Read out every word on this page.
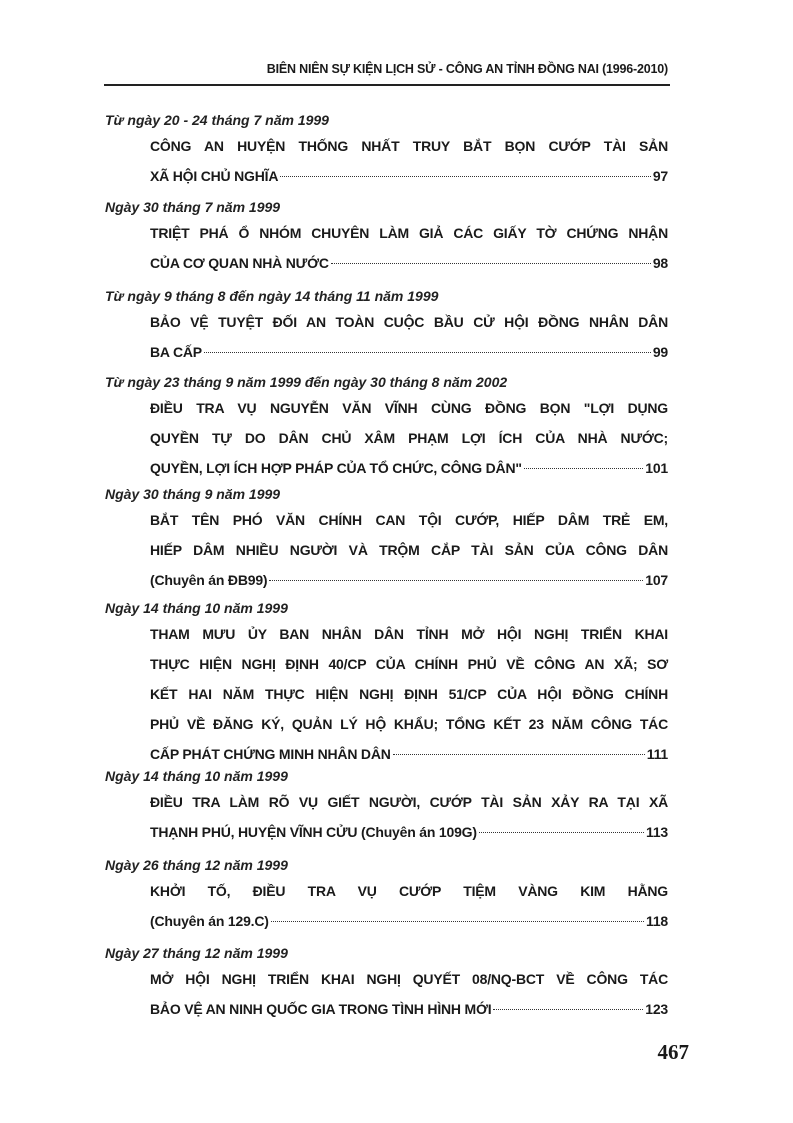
BIÊN NIÊN SỰ KIỆN LỊCH SỬ - CÔNG AN TỈNH ĐỒNG NAI (1996-2010)
Từ ngày 20 - 24 tháng 7 năm 1999
CÔNG AN HUYỆN THỐNG NHẤT TRUY BẮT BỌN CƯỚP TÀI SẢN
XÃ HỘI CHỦ NGHĨA	97
Ngày 30 tháng 7 năm 1999
TRIỆT PHÁ Ổ NHÓM CHUYÊN LÀM GIẢ CÁC GIẤY TỜ CHỨNG NHẬN
CỦA CƠ QUAN NHÀ NƯỚC	98
Từ ngày 9 tháng 8 đến ngày 14 tháng 11 năm 1999
BẢO VỆ TUYỆT ĐỐI AN TOÀN CUỘC BẦU CỬ HỘI ĐỒNG NHÂN DÂN
BA CẤP	99
Từ ngày 23 tháng 9 năm 1999 đến ngày 30 tháng 8 năm 2002
ĐIỀU TRA VỤ NGUYỄN VĂN VĨNH CÙNG ĐỒNG BỌN "LỢI DỤNG
QUYỀN TỰ DO DÂN CHỦ XÂM PHẠM LỢI ÍCH CỦA NHÀ NƯỚC;
QUYỀN, LỢI ÍCH HỢP PHÁP CỦA TỔ CHỨC, CÔNG DÂN"	101
Ngày 30 tháng 9 năm 1999
BẮT TÊN PHÓ VĂN CHÍNH CAN TỘI CƯỚP, HIẾP DÂM TRẺ EM,
HIẾP DÂM NHIỀU NGƯỜI VÀ TRỘM CẮP TÀI SẢN CỦA CÔNG DÂN
(Chuyên án ĐB99)	107
Ngày 14 tháng 10 năm 1999
THAM MƯU ỦY BAN NHÂN DÂN TỈNH MỞ HỘI NGHỊ TRIỂN KHAI
THỰC HIỆN NGHỊ ĐỊNH 40/CP CỦA CHÍNH PHỦ VỀ CÔNG AN XÃ; SƠ
KẾT HAI NĂM THỰC HIỆN NGHỊ ĐỊNH 51/CP CỦA HỘI ĐỒNG CHÍNH
PHỦ VỀ ĐĂNG KÝ, QUẢN LÝ HỘ KHẨU; TỔNG KẾT 23 NĂM CÔNG TÁC
CẤP PHÁT CHỨNG MINH NHÂN DÂN	111
Ngày 14 tháng 10 năm 1999
ĐIỀU TRA LÀM RÕ VỤ GIẾT NGƯỜI, CƯỚP TÀI SẢN XẢY RA TẠI XÃ
THẠNH PHÚ, HUYỆN VĨNH CỬU (Chuyên án 109G)	113
Ngày 26 tháng 12 năm 1999
KHỞI TỐ, ĐIỀU TRA VỤ CƯỚP TIỆM VÀNG KIM HẰNG
(Chuyên án 129.C)	118
Ngày 27 tháng 12 năm 1999
MỞ HỘI NGHỊ TRIỂN KHAI NGHỊ QUYẾT 08/NQ-BCT VỀ CÔNG TÁC
BẢO VỆ AN NINH QUỐC GIA TRONG TÌNH HÌNH MỚI	123
467
